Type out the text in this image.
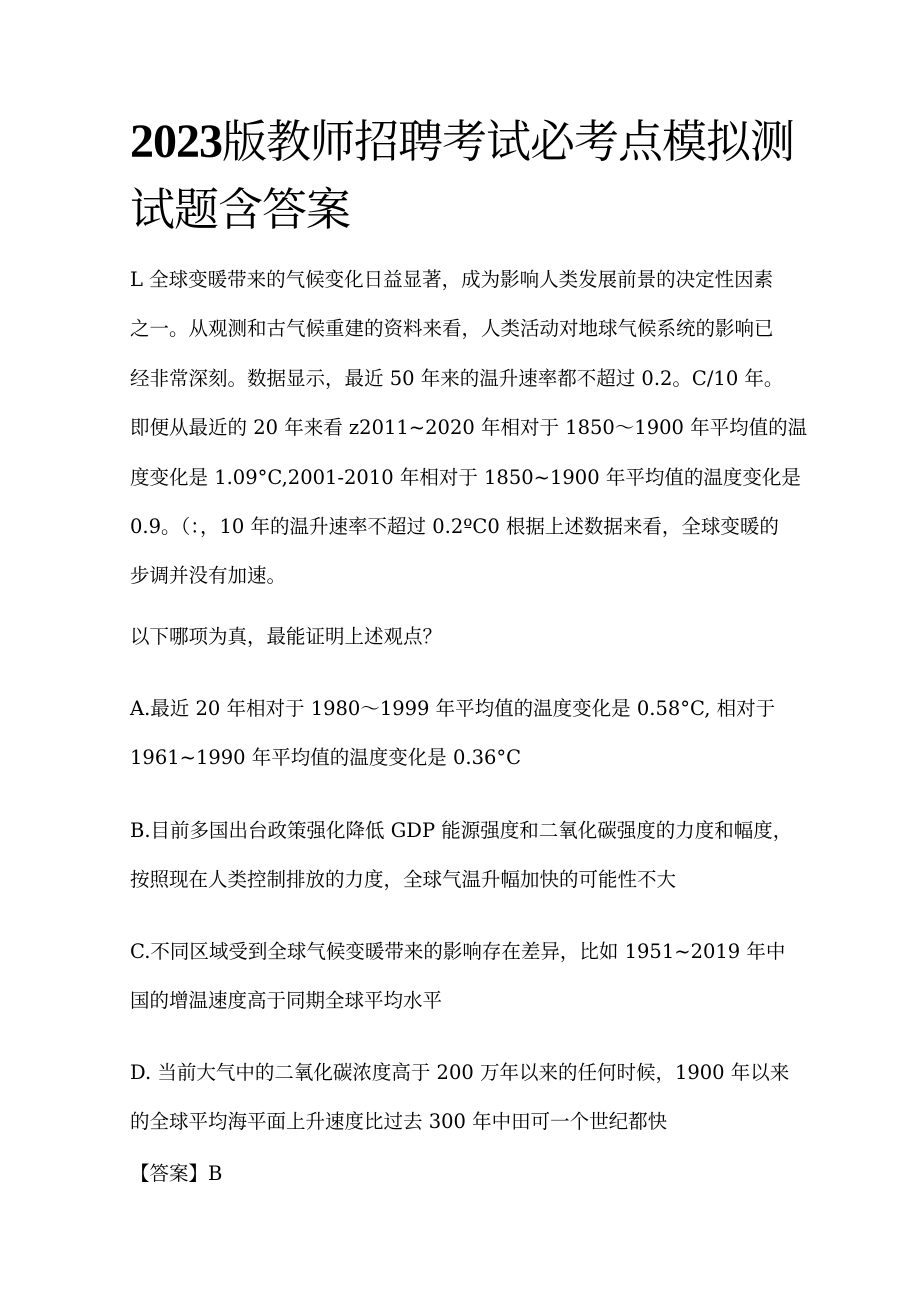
2023版教师招聘考试必考点模拟测
试题含答案
L 全球变暖带来的气候变化日益显著，成为影响人类发展前景的决定性因素
之一。从观测和古气候重建的资料来看，人类活动对地球气候系统的影响已
经非常深刻。数据显示，最近 50 年来的温升速率都不超过 0.2。C/10 年。
即便从最近的 20 年来看 z2011~2020 年相对于 1850～1900 年平均值的温
度变化是 1.09°C,2001-2010 年相对于 1850~1900 年平均值的温度变化是
0.9。（：，10 年的温升速率不超过 0.2ºC0 根据上述数据来看，全球变暖的
步调并没有加速。
以下哪项为真，最能证明上述观点？
A.最近 20 年相对于 1980～1999 年平均值的温度变化是 0.58°C, 相对于
1961~1990 年平均值的温度变化是 0.36°C
B.目前多国出台政策强化降低 GDP 能源强度和二氧化碳强度的力度和幅度，
按照现在人类控制排放的力度，全球气温升幅加快的可能性不大
C.不同区域受到全球气候变暖带来的影响存在差异，比如 1951~2019 年中
国的增温速度高于同期全球平均水平
D. 当前大气中的二氧化碳浓度高于 200 万年以来的任何时候，1900 年以来
的全球平均海平面上升速度比过去 300 年中田可一个世纪都快
【答案】B
